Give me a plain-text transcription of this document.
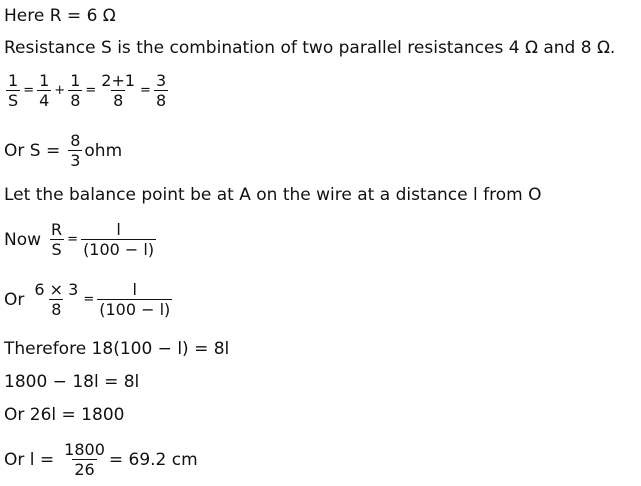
Here R = 6 Ω
Resistance S is the combination of two parallel resistances 4 Ω and 8 Ω.
$\frac{1}{S} = \frac{1}{4} + \frac{1}{8} = \frac{2+1}{8} = \frac{3}{8}$
Or $S = \frac{8}{3}$ ohm
Let the balance point be at A on the wire at a distance l from O
Now $\frac{R}{S} = \frac{l}{(100 - l)}$
Or $\frac{6 \times 3}{8} = \frac{l}{(100 - l)}$
Therefore 18(100 − l) = 8l
1800 − 18l = 8l
Or 26l = 1800
Or $l = \frac{1800}{26} = 69.2$ cm
